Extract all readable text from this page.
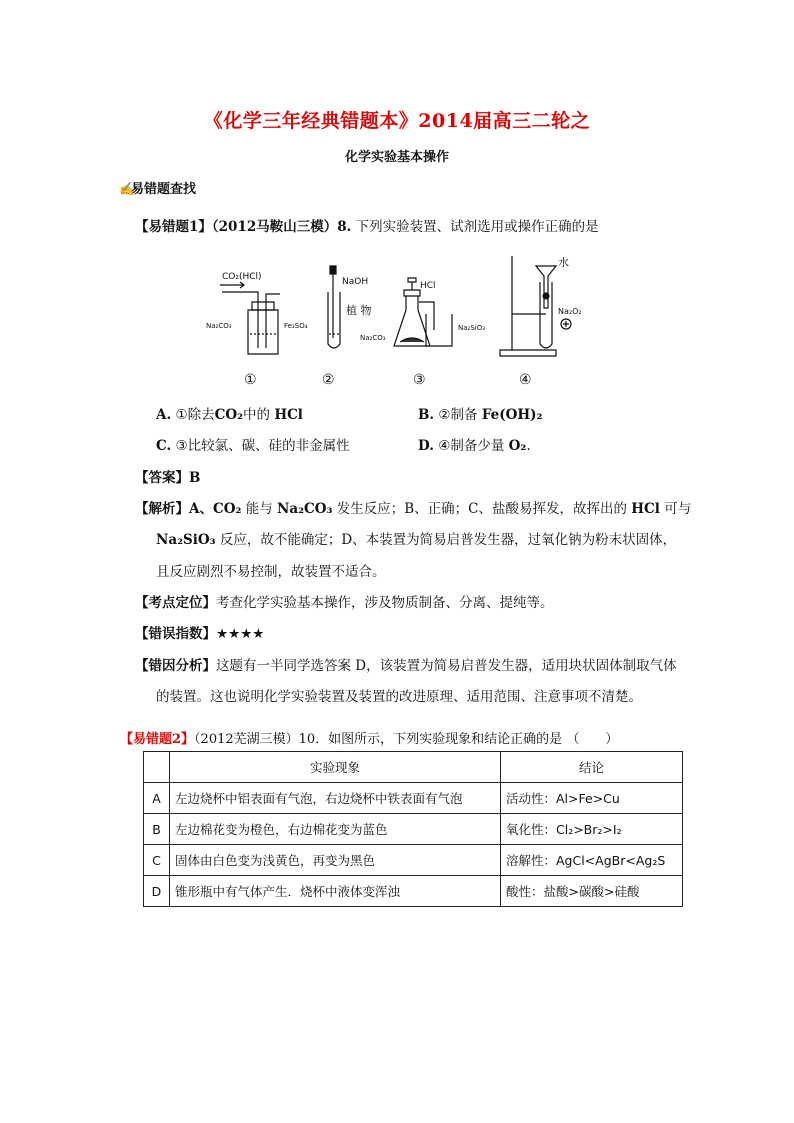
《化学三年经典错题本》2014届高三二轮之
化学实验基本操作
✍易错题查找
【易错题1】（2012马鞍山三模）8. 下列实验装置、试剂选用或操作正确的是
CO₂(HCl)
Na₂CO₃	Fe₂SO₄
NaOH
植 物
HCl
Na₂CO₃
Na₂SiO₃
水
Na₂O₂
①	②	③	④
A. ①除去CO₂中的 HCl	B. ②制备 Fe(OH)₂
C. ③比较氯、碳、硅的非金属性	D. ④制备少量 O₂.
【答案】B
【解析】A、CO₂ 能与 Na₂CO₃ 发生反应；B、正确；C、盐酸易挥发，故挥出的 HCl 可与
Na₂SiO₃ 反应，故不能确定；D、本装置为简易启普发生器，过氧化钠为粉末状固体，
且反应剧烈不易控制，故装置不适合。
【考点定位】考查化学实验基本操作，涉及物质制备、分离、提纯等。
【错误指数】★★★★
【错因分析】这题有一半同学选答案 D，该装置为简易启普发生器，适用块状固体制取气体
的装置。这也说明化学实验装置及装置的改进原理、适用范围、注意事项不清楚。
【易错题2】（2012芜湖三模）10．如图所示，下列实验现象和结论正确的是 （　　）
	实验现象	结论
A	左边烧杯中铝表面有气泡，右边烧杯中铁表面有气泡	活动性：Al>Fe>Cu
B	左边棉花变为橙色，右边棉花变为蓝色	氧化性：Cl₂>Br₂>I₂
C	固体由白色变为浅黄色，再变为黑色	溶解性：AgCl<AgBr<Ag₂S
D	锥形瓶中有气体产生．烧杯中液体变浑浊	酸性：盐酸>碳酸>硅酸
